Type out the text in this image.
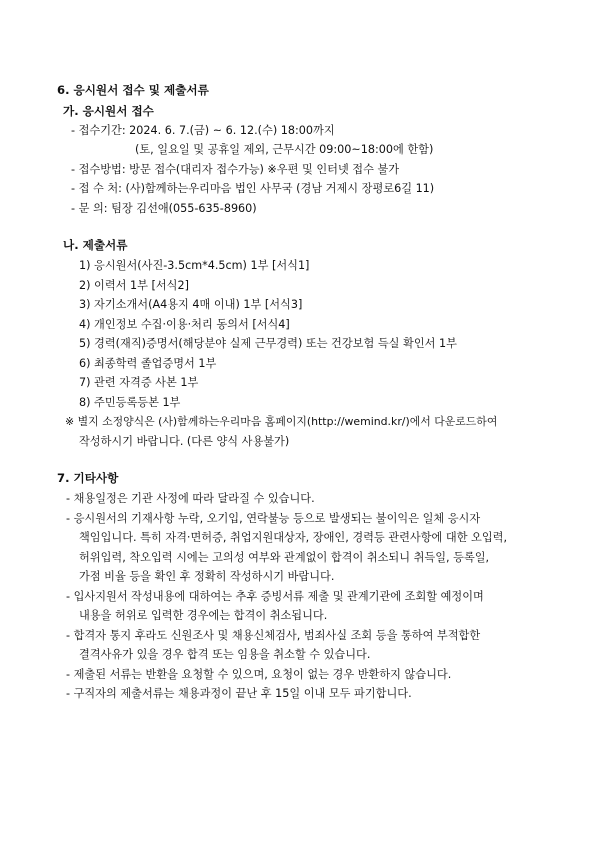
6. 응시원서 접수 및 제출서류
가. 응시원서 접수
- 접수기간: 2024. 6. 7.(금) ~ 6. 12.(수) 18:00까지
(토, 일요일 및 공휴일 제외, 근무시간 09:00~18:00에 한함)
- 접수방법: 방문 접수(대리자 접수가능) ※우편 및 인터넷 접수 불가
- 접 수 처: (사)함께하는우리마음 법인 사무국 (경남 거제시 장평로6길 11)
- 문 의: 팀장 김선애(055-635-8960)
나. 제출서류
1) 응시원서(사진-3.5cm*4.5cm) 1부 [서식1]
2) 이력서 1부 [서식2]
3) 자기소개서(A4용지 4매 이내) 1부 [서식3]
4) 개인정보 수집·이용·처리 동의서 [서식4]
5) 경력(재직)증명서(해당분야 실제 근무경력) 또는 건강보험 득실 확인서 1부
6) 최종학력 졸업증명서 1부
7) 관련 자격증 사본 1부
8) 주민등록등본 1부
※ 별지 소정양식은 (사)함께하는우리마음 홈페이지(http://wemind.kr/)에서 다운로드하여
작성하시기 바랍니다. (다른 양식 사용불가)
7. 기타사항
- 채용일정은 기관 사정에 따라 달라질 수 있습니다.
- 응시원서의 기재사항 누락, 오기입, 연락불능 등으로 발생되는 불이익은 일체 응시자
책임입니다. 특히 자격·면허증, 취업지원대상자, 장애인, 경력등 관련사항에 대한 오입력,
허위입력, 착오입력 시에는 고의성 여부와 관계없이 합격이 취소되니 취득일, 등록일,
가점 비율 등을 확인 후 정확히 작성하시기 바랍니다.
- 입사지원서 작성내용에 대하여는 추후 증빙서류 제출 및 관계기관에 조회할 예정이며
내용을 허위로 입력한 경우에는 합격이 취소됩니다.
- 합격자 통지 후라도 신원조사 및 채용신체검사, 범죄사실 조회 등을 통하여 부적합한
결격사유가 있을 경우 합격 또는 임용을 취소할 수 있습니다.
- 제출된 서류는 반환을 요청할 수 있으며, 요청이 없는 경우 반환하지 않습니다.
- 구직자의 제출서류는 채용과정이 끝난 후 15일 이내 모두 파기합니다.
